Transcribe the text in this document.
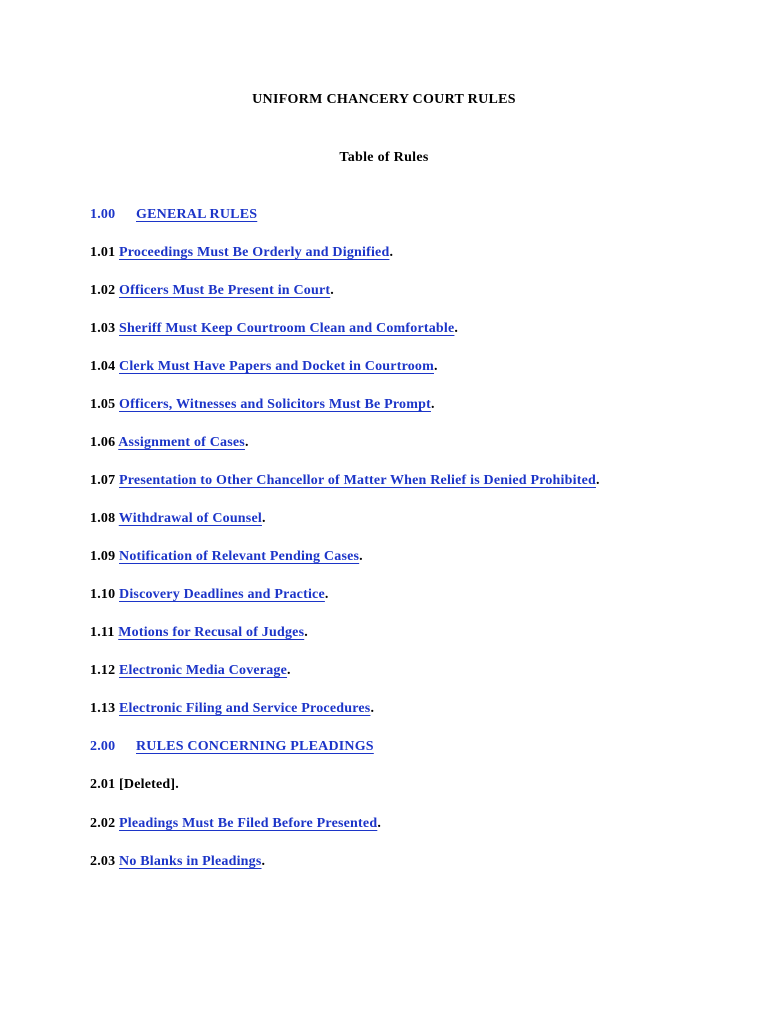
UNIFORM CHANCERY COURT RULES
Table of Rules
1.00 GENERAL RULES
1.01 Proceedings Must Be Orderly and Dignified.
1.02 Officers Must Be Present in Court.
1.03 Sheriff Must Keep Courtroom Clean and Comfortable.
1.04 Clerk Must Have Papers and Docket in Courtroom.
1.05 Officers, Witnesses and Solicitors Must Be Prompt.
1.06 Assignment of Cases.
1.07 Presentation to Other Chancellor of Matter When Relief is Denied Prohibited.
1.08 Withdrawal of Counsel.
1.09 Notification of Relevant Pending Cases.
1.10 Discovery Deadlines and Practice.
1.11 Motions for Recusal of Judges.
1.12 Electronic Media Coverage.
1.13 Electronic Filing and Service Procedures.
2.00 RULES CONCERNING PLEADINGS
2.01 [Deleted].
2.02 Pleadings Must Be Filed Before Presented.
2.03 No Blanks in Pleadings.
